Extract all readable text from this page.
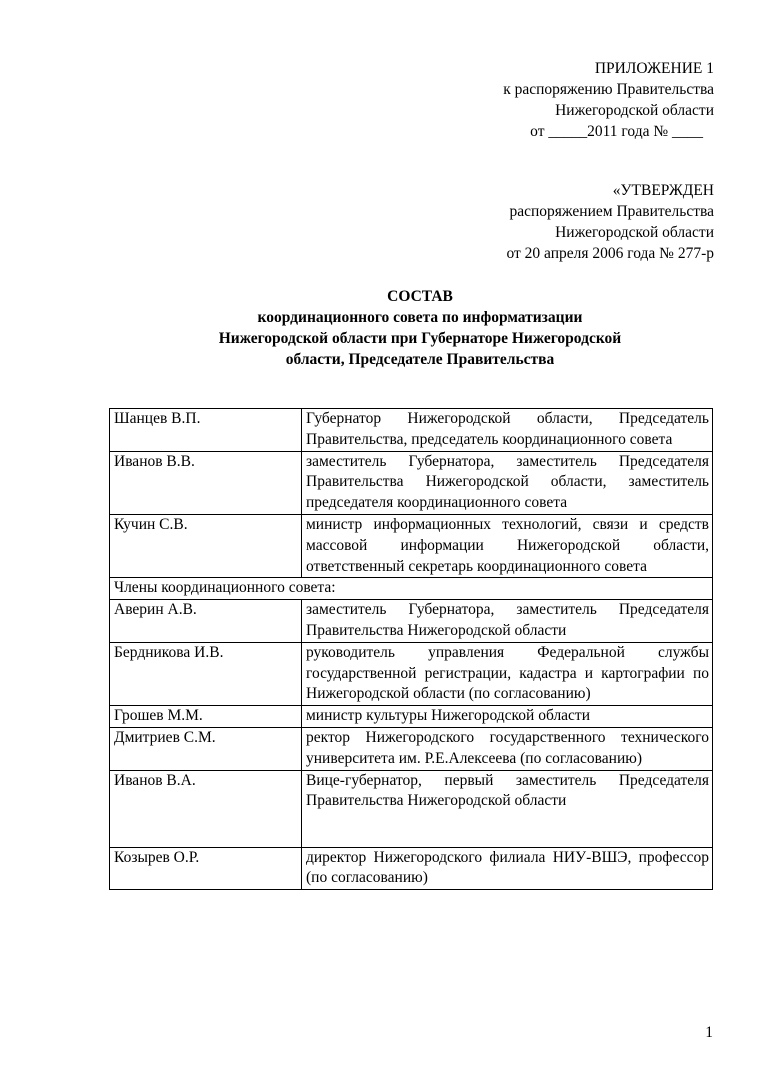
ПРИЛОЖЕНИЕ 1
к распоряжению Правительства
Нижегородской области
от _____2011 года № ____
«УТВЕРЖДЕН
распоряжением Правительства
Нижегородской области
от 20 апреля 2006 года № 277-р
СОСТАВ
координационного совета по информатизации
Нижегородской области при Губернаторе Нижегородской
области, Председателе Правительства
Шанцев В.П.	Губернатор Нижегородской области, Председатель Правительства, председатель координационного совета
Иванов В.В.	заместитель Губернатора, заместитель Председателя Правительства Нижегородской области, заместитель председателя координационного совета
Кучин С.В.	министр информационных технологий, связи и средств массовой информации Нижегородской области, ответственный секретарь координационного совета
Члены координационного совета:	
Аверин А.В.	заместитель Губернатора, заместитель Председателя Правительства Нижегородской области
Бердникова И.В.	руководитель управления Федеральной службы государственной регистрации, кадастра и картографии по Нижегородской области (по согласованию)
Грошев М.М.	министр культуры Нижегородской области
Дмитриев С.М.	ректор Нижегородского государственного технического университета им. Р.Е.Алексеева (по согласованию)
Иванов В.А.	Вице-губернатор, первый заместитель Председателя Правительства Нижегородской области
Козырев О.Р.	директор Нижегородского филиала НИУ-ВШЭ, профессор (по согласованию)
1
